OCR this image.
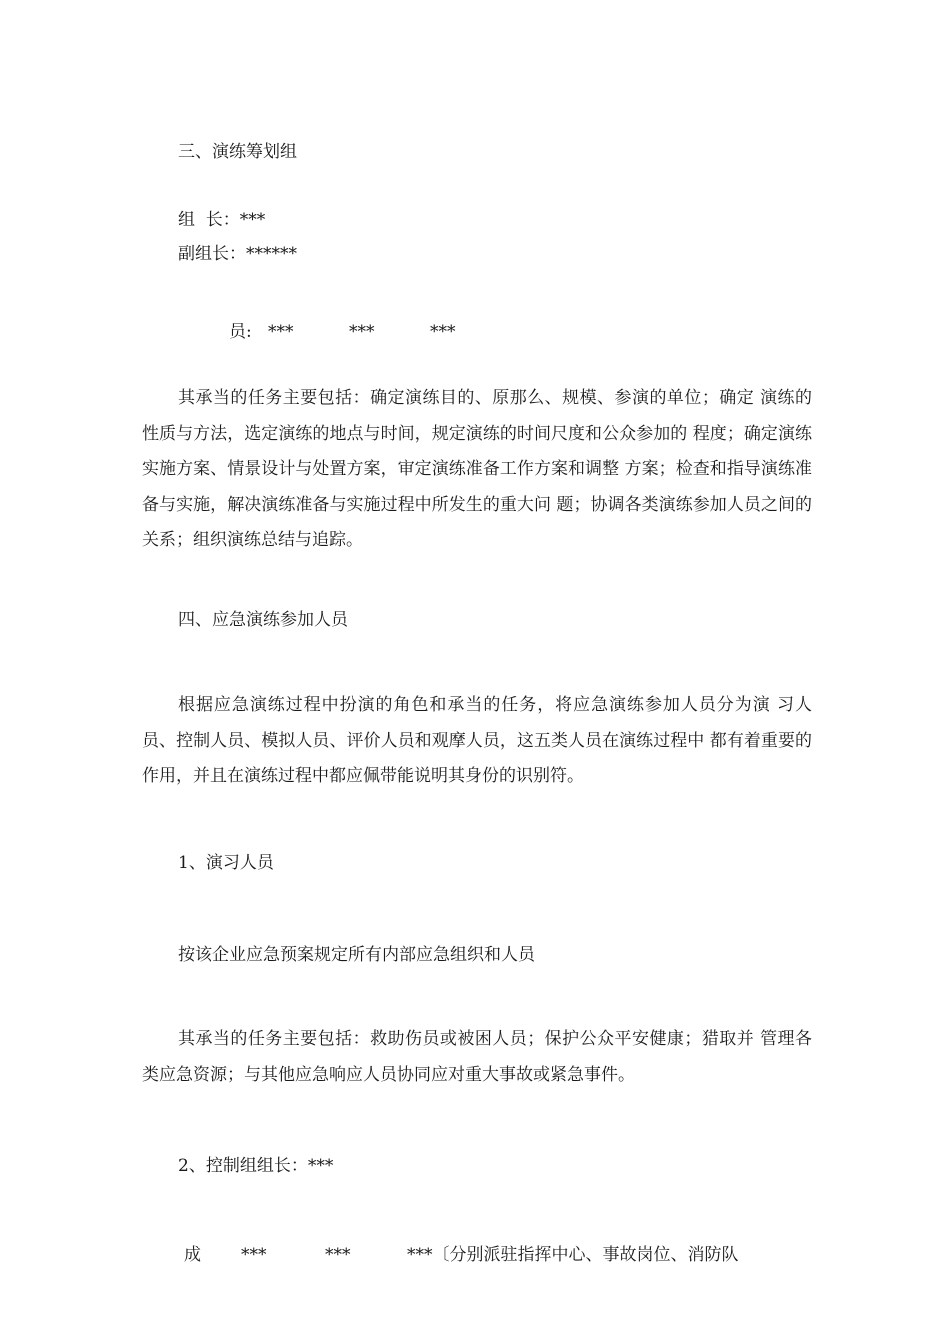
三、演练筹划组
组  长：***
副组长：******
员: ***	***	***
其承当的任务主要包括：确定演练目的、原那么、规模、参演的单位；确定 演练的性质与方法，选定演练的地点与时间，规定演练的时间尺度和公众参加的 程度；确定演练实施方案、情景设计与处置方案，审定演练准备工作方案和调整 方案；检查和指导演练准备与实施，解决演练准备与实施过程中所发生的重大问 题；协调各类演练参加人员之间的关系；组织演练总结与追踪。
四、应急演练参加人员
根据应急演练过程中扮演的角色和承当的任务，将应急演练参加人员分为演 习人员、控制人员、模拟人员、评价人员和观摩人员，这五类人员在演练过程中 都有着重要的作用，并且在演练过程中都应佩带能说明其身份的识别符。
1、演习人员
按该企业应急预案规定所有内部应急组织和人员
其承当的任务主要包括：救助伤员或被困人员；保护公众平安健康；猎取并 管理各类应急资源；与其他应急响应人员协同应对重大事故或紧急事件。
2、控制组组长：***
成 ***	***	***〔分别派驻指挥中心、事故岗位、消防队
